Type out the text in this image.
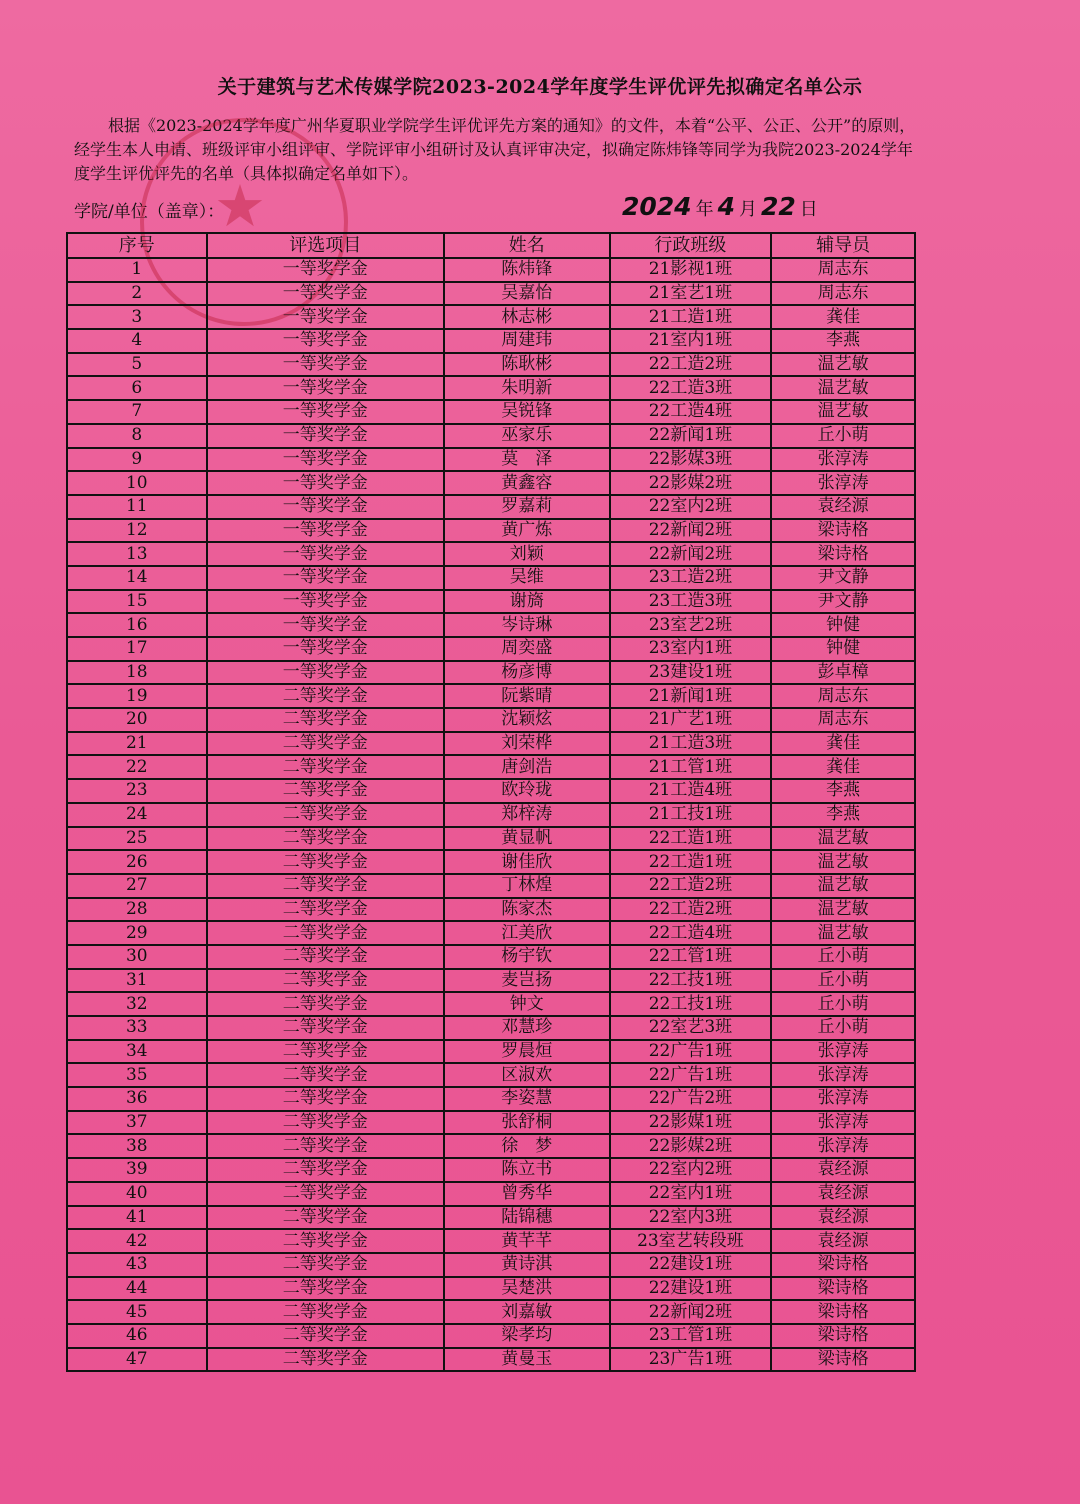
关于建筑与艺术传媒学院2023-2024学年度学生评优评先拟确定名单公示
根据《2023-2024学年度广州华夏职业学院学生评优评先方案的通知》的文件，本着“公平、公正、公开”的原则，经学生本人申请、班级评审小组评审、学院评审小组研讨及认真评审决定，拟确定陈炜锋等同学为我院2023-2024学年度学生评优评先的名单（具体拟确定名单如下）。
学院/单位（盖章）：	2024 年 4 月 22 日
★
序号	评选项目	姓名	行政班级	辅导员
1	一等奖学金	陈炜锋	21影视1班	周志东
2	一等奖学金	吴嘉怡	21室艺1班	周志东
3	一等奖学金	林志彬	21工造1班	龚佳
4	一等奖学金	周建玮	21室内1班	李燕
5	一等奖学金	陈耿彬	22工造2班	温艺敏
6	一等奖学金	朱明新	22工造3班	温艺敏
7	一等奖学金	吴锐锋	22工造4班	温艺敏
8	一等奖学金	巫家乐	22新闻1班	丘小萌
9	一等奖学金	莫　泽	22影媒3班	张淳涛
10	一等奖学金	黄鑫容	22影媒2班	张淳涛
11	一等奖学金	罗嘉莉	22室内2班	袁经源
12	一等奖学金	黄广炼	22新闻2班	梁诗格
13	一等奖学金	刘颖	22新闻2班	梁诗格
14	一等奖学金	吴维	23工造2班	尹文静
15	一等奖学金	谢旖	23工造3班	尹文静
16	一等奖学金	岑诗琳	23室艺2班	钟健
17	一等奖学金	周奕盛	23室内1班	钟健
18	一等奖学金	杨彦博	23建设1班	彭卓樟
19	二等奖学金	阮紫晴	21新闻1班	周志东
20	二等奖学金	沈颖炫	21广艺1班	周志东
21	二等奖学金	刘荣桦	21工造3班	龚佳
22	二等奖学金	唐剑浩	21工管1班	龚佳
23	二等奖学金	欧玲珑	21工造4班	李燕
24	二等奖学金	郑梓涛	21工技1班	李燕
25	二等奖学金	黄显帆	22工造1班	温艺敏
26	二等奖学金	谢佳欣	22工造1班	温艺敏
27	二等奖学金	丁林煌	22工造2班	温艺敏
28	二等奖学金	陈家杰	22工造2班	温艺敏
29	二等奖学金	江美欣	22工造4班	温艺敏
30	二等奖学金	杨宇钦	22工管1班	丘小萌
31	二等奖学金	麦岂扬	22工技1班	丘小萌
32	二等奖学金	钟文	22工技1班	丘小萌
33	二等奖学金	邓慧珍	22室艺3班	丘小萌
34	二等奖学金	罗晨烜	22广告1班	张淳涛
35	二等奖学金	区淑欢	22广告1班	张淳涛
36	二等奖学金	李姿慧	22广告2班	张淳涛
37	二等奖学金	张舒桐	22影媒1班	张淳涛
38	二等奖学金	徐　梦	22影媒2班	张淳涛
39	二等奖学金	陈立书	22室内2班	袁经源
40	二等奖学金	曾秀华	22室内1班	袁经源
41	二等奖学金	陆锦穗	22室内3班	袁经源
42	二等奖学金	黄芊芊	23室艺转段班	袁经源
43	二等奖学金	黄诗淇	22建设1班	梁诗格
44	二等奖学金	吴楚洪	22建设1班	梁诗格
45	二等奖学金	刘嘉敏	22新闻2班	梁诗格
46	二等奖学金	梁孝均	23工管1班	梁诗格
47	二等奖学金	黄曼玉	23广告1班	梁诗格
